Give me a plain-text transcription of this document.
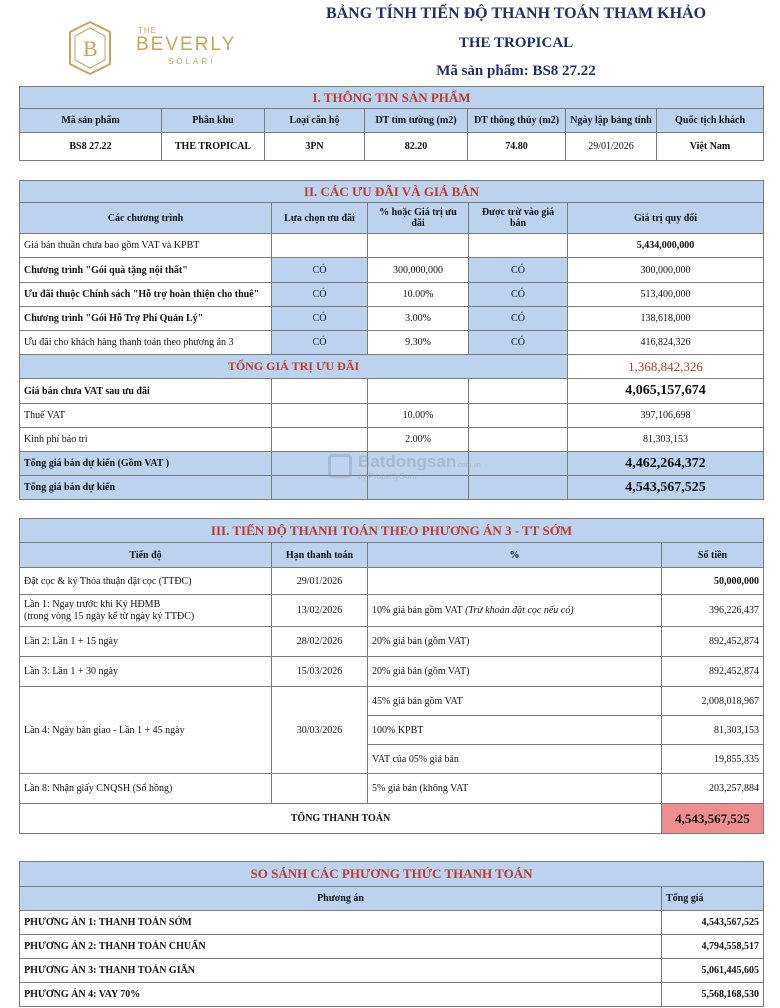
B
THE
BEVERLY
SOLARI
BẢNG TÍNH TIẾN ĐỘ THANH TOÁN THAM KHẢO
THE TROPICAL
Mã sản phẩm: BS8 27.22
I. THÔNG TIN SẢN PHẨM						
Mã sản phẩm	Phân khu	Loại căn hộ	DT tim tường (m2)	DT thông thủy (m2)	Ngày lập bảng tính	Quốc tịch khách
BS8 27.22	THE TROPICAL	3PN	82.20	74.80	29/01/2026	Việt Nam
II. CÁC ƯU ĐÃI VÀ GIÁ BÁN				
Các chương trình	Lựa chọn ưu đãi	% hoặc Giá trị ưu đãi	Được trừ vào giá bán	Giá trị quy đổi
Giá bán thuần chưa bao gồm VAT và KPBT				5,434,000,000
Chương trình "Gói quà tặng nội thất"	CÓ	300,000,000	CÓ	300,000,000
Ưu đãi thuộc Chính sách "Hỗ trợ hoàn thiện cho thuê"	CÓ	10.00%	CÓ	513,400,000
Chương trình "Gói Hỗ Trợ Phí Quản Lý"	CÓ	3.00%	CÓ	138,618,000
Ưu đãi cho khách hàng thanh toán theo phương án 3	CÓ	9.30%	CÓ	416,824,326
TỔNG GIÁ TRỊ ƯU ĐÃI				1,368,842,326
Giá bán chưa VAT sau ưu đãi				4,065,157,674
Thuế VAT		10.00%		397,106,698
Kinh phí bảo trì		2.00%		81,303,153
Tổng giá bán dự kiến (Gồm VAT )				4,462,264,372
Tổng giá bán dự kiến				4,543,567,525
Batdongsan.com.vn
by PropertyGuru
III. TIẾN ĐỘ THANH TOÁN THEO PHƯƠNG ÁN 3 - TT SỚM			
Tiến độ	Hạn thanh toán	%	Số tiền
Đặt cọc & ký Thỏa thuận đặt cọc (TTĐC)	29/01/2026		50,000,000

Lần 1: Ngay trước khi Ký HĐMB
(trong vòng 15 ngày kể từ ngày ký TTĐC)	13/02/2026	10% giá bán gồm VAT (Trừ khoản đặt cọc nếu có)	396,226,437
Lần 2: Lần 1 + 15 ngày	28/02/2026	20% giá bán (gồm VAT)	892,452,874
Lần 3: Lần 1 + 30 ngày	15/03/2026	20% giá bán (gồm VAT)	892,452,874
Lần 4: Ngày bàn giao - Lần 1 + 45 ngày	30/03/2026	45% giá bán gồm VAT	2,008,018,967
		100% KPBT	81,303,153
		VAT của 05% giá bán	19,855,335
Lần 8: Nhận giấy CNQSH (Sổ hồng)		5% giá bán (không VAT	203,257,884
TỔNG THANH TOÁN			4,543,567,525
SO SÁNH CÁC PHƯƠNG THỨC THANH TOÁN	
Phương án	Tổng giá
PHƯƠNG ÁN 1: THANH TOÁN SỚM	4,543,567,525
PHƯƠNG ÁN 2: THANH TOÁN CHUẨN	4,794,558,517
PHƯƠNG ÁN 3: THANH TOÁN GIÃN	5,061,445,605
PHƯƠNG ÁN 4: VAY 70%	5,568,168,530
